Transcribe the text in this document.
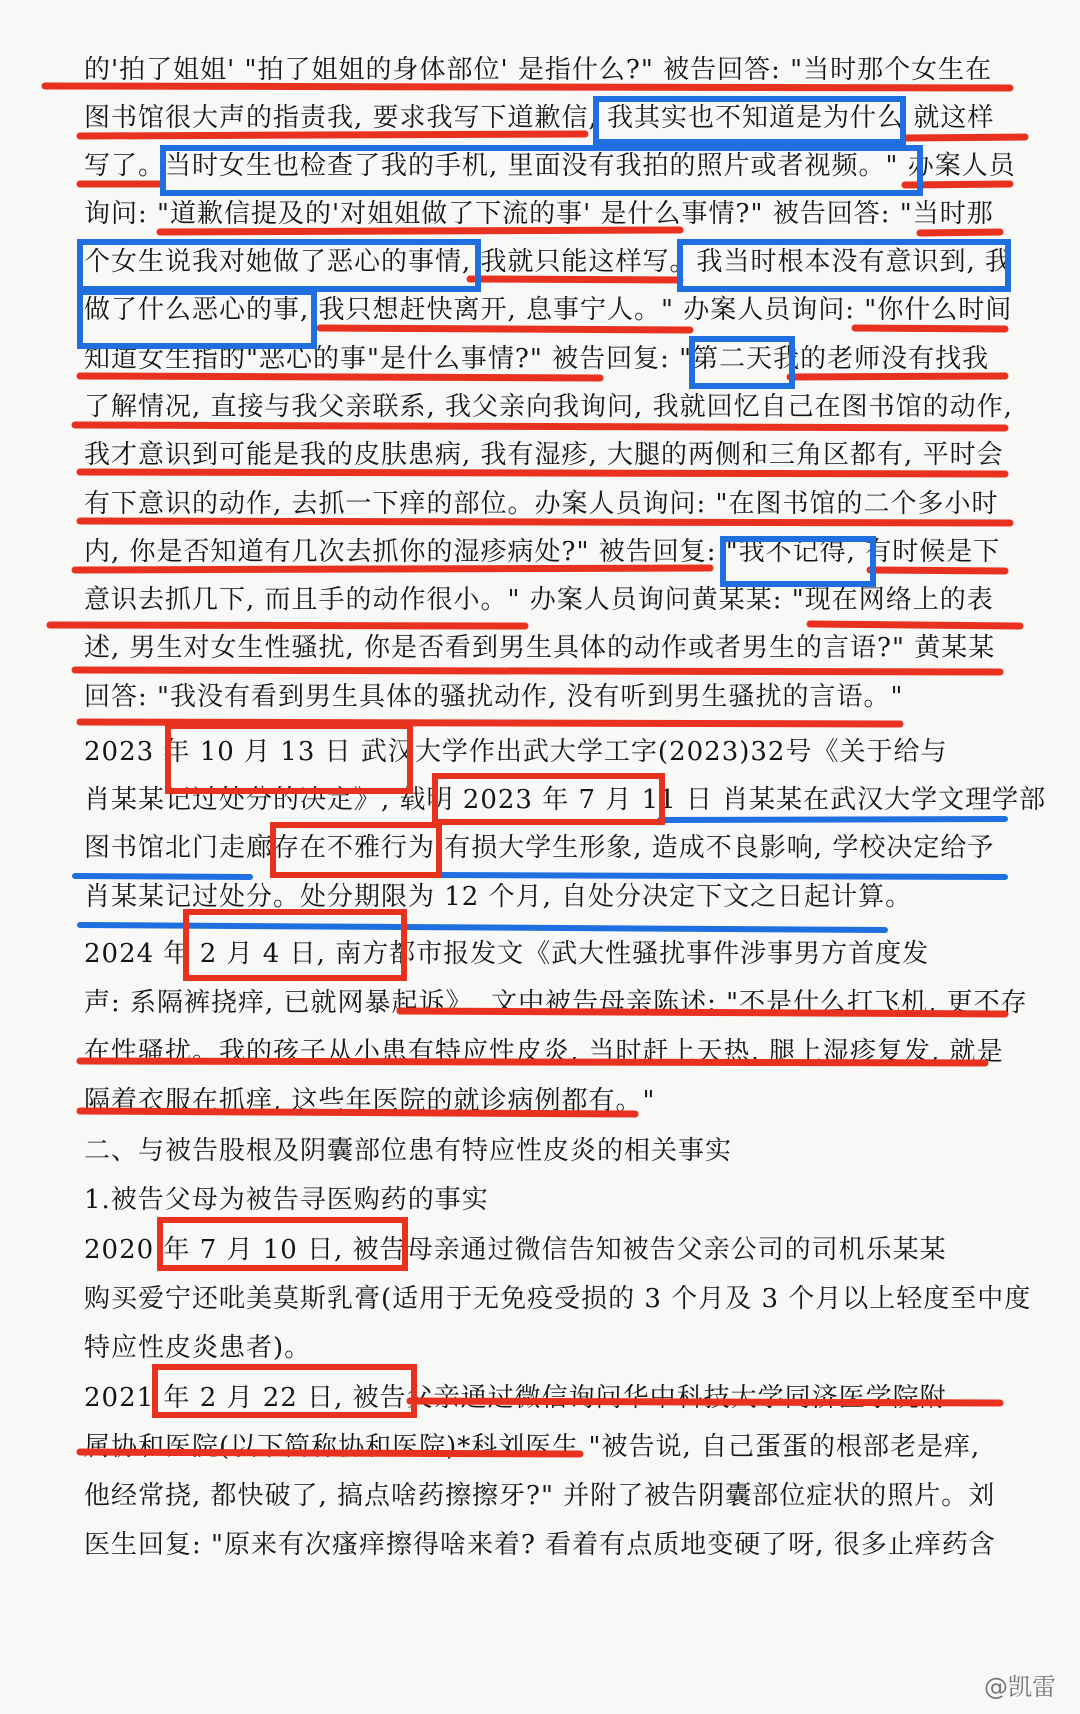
的'拍了姐姐' "拍了姐姐的身体部位' 是指什么?" 被告回答: "当时那个女生在
图书馆很大声的指责我, 要求我写下道歉信, 我其实也不知道是为什么 就这样
写了。当时女生也检查了我的手机, 里面没有我拍的照片或者视频。" 办案人员
询问: "道歉信提及的'对姐姐做了下流的事' 是什么事情?" 被告回答: "当时那
个女生说我对她做了恶心的事情, 我就只能这样写。我当时根本没有意识到, 我
做了什么恶心的事, 我只想赶快离开, 息事宁人。" 办案人员询问: "你什么时间
知道女生指的"恶心的事"是什么事情?" 被告回复: "第二天我的老师没有找我
了解情况, 直接与我父亲联系, 我父亲向我询问, 我就回忆自己在图书馆的动作,
我才意识到可能是我的皮肤患病, 我有湿疹, 大腿的两侧和三角区都有, 平时会
有下意识的动作, 去抓一下痒的部位。办案人员询问: "在图书馆的二个多小时
内, 你是否知道有几次去抓你的湿疹病处?" 被告回复: "我不记得, 有时候是下
意识去抓几下, 而且手的动作很小。" 办案人员询问黄某某: "现在网络上的表
述, 男生对女生性骚扰, 你是否看到男生具体的动作或者男生的言语?" 黄某某
回答: "我没有看到男生具体的骚扰动作, 没有听到男生骚扰的言语。"
2023 年 10 月 13 日 武汉大学作出武大学工字(2023)32号《关于给与
肖某某记过处分的决定》, 载明 2023 年 7 月 11 日 肖某某在武汉大学文理学部
图书馆北门走廊存在不雅行为 有损大学生形象, 造成不良影响, 学校决定给予
肖某某记过处分。处分期限为 12 个月, 自处分决定下文之日起计算。
2024 年 2 月 4 日, 南方都市报发文《武大性骚扰事件涉事男方首度发
声: 系隔裤挠痒, 已就网暴起诉》, 文中被告母亲陈述: "不是什么打飞机, 更不存
在性骚扰。我的孩子从小患有特应性皮炎, 当时赶上天热, 腿上湿疹复发, 就是
隔着衣服在抓痒, 这些年医院的就诊病例都有。"
二、与被告股根及阴囊部位患有特应性皮炎的相关事实
1.被告父母为被告寻医购药的事实
2020 年 7 月 10 日, 被告母亲通过微信告知被告父亲公司的司机乐某某
购买爱宁还吡美莫斯乳膏(适用于无免疫受损的 3 个月及 3 个月以上轻度至中度
特应性皮炎患者)。
2021 年 2 月 22 日, 被告父亲通过微信询问华中科技大学同济医学院附
属协和医院(以下简称协和医院)*科刘医生 "被告说, 自己蛋蛋的根部老是痒,
他经常挠, 都快破了, 搞点啥药擦擦牙?" 并附了被告阴囊部位症状的照片。刘
医生回复: "原来有次瘙痒擦得啥来着? 看着有点质地变硬了呀, 很多止痒药含
@凯雷
